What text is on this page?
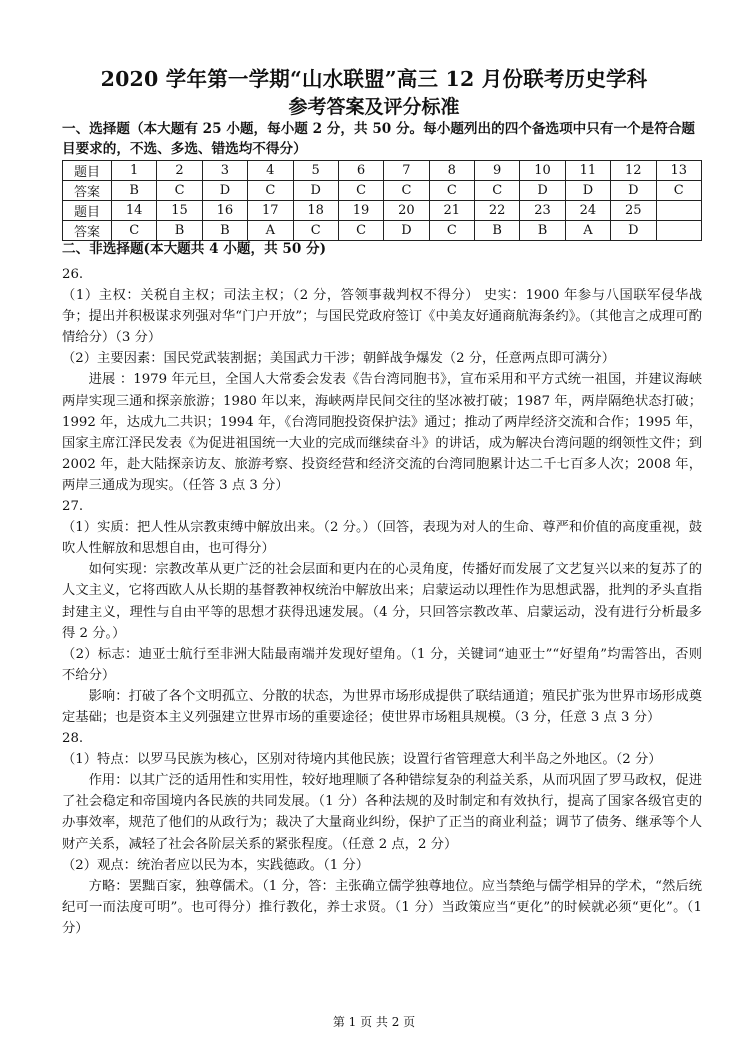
2020 学年第一学期“山水联盟”高三 12 月份联考历史学科
参考答案及评分标准
一、选择题（本大题有 25 小题，每小题 2 分，共 50 分。每小题列出的四个备选项中只有一个是符合题目要求的，不选、多选、错选均不得分）
题目	1	2	3	4	5	6	7	8	9	10	11	12	13
答案	B	C	D	C	D	C	C	C	C	D	D	D	C
题目	14	15	16	17	18	19	20	21	22	23	24	25	
答案	C	B	B	A	C	C	D	C	B	B	A	D	
二、非选择题(本大题共 4 小题，共 50 分)

26.

（1）主权：关税自主权；司法主权；（2 分，答领事裁判权不得分） 史实：1900 年参与八国联军侵华战争；提出并积极谋求列强对华“门户开放”；与国民党政府签订《中美友好通商航海条约》。（其他言之成理可酌情给分）（3 分）

（2）主要因素：国民党武装割据；美国武力干涉；朝鲜战争爆发（2 分，任意两点即可满分）

进展 ：1979 年元旦，全国人大常委会发表《告台湾同胞书》，宣布采用和平方式统一祖国，并建议海峡两岸实现三通和探亲旅游；1980 年以来，海峡两岸民间交往的坚冰被打破；1987 年，两岸隔绝状态打破；1992 年，达成九二共识；1994 年，《台湾同胞投资保护法》通过；推动了两岸经济交流和合作；1995 年，国家主席江泽民发表《为促进祖国统一大业的完成而继续奋斗》的讲话，成为解决台湾问题的纲领性文件；到 2002 年，赴大陆探亲访友、旅游考察、投资经营和经济交流的台湾同胞累计达二千七百多人次；2008 年，两岸三通成为现实。（任答 3 点 3 分）

27.

（1）实质：把人性从宗教束缚中解放出来。（2 分。）（回答，表现为对人的生命、尊严和价值的高度重视，鼓吹人性解放和思想自由，也可得分）

如何实现：宗教改革从更广泛的社会层面和更内在的心灵角度，传播好而发展了文艺复兴以来的复苏了的人文主义，它将西欧人从长期的基督教神权统治中解放出来；启蒙运动以理性作为思想武器，批判的矛头直指封建主义，理性与自由平等的思想才获得迅速发展。（4 分，只回答宗教改革、启蒙运动，没有进行分析最多得 2 分。）

（2）标志：迪亚士航行至非洲大陆最南端并发现好望角。（1 分，关键词“迪亚士”“好望角”均需答出，否则不给分）

影响：打破了各个文明孤立、分散的状态，为世界市场形成提供了联结通道；殖民扩张为世界市场形成奠定基础；也是资本主义列强建立世界市场的重要途径；使世界市场粗具规模。（3 分，任意 3 点 3 分）

28.

（1）特点：以罗马民族为核心，区别对待境内其他民族；设置行省管理意大利半岛之外地区。（2 分）

作用：以其广泛的适用性和实用性，较好地理顺了各种错综复杂的利益关系，从而巩固了罗马政权，促进了社会稳定和帝国境内各民族的共同发展。（1 分）各种法规的及时制定和有效执行，提高了国家各级官吏的办事效率，规范了他们的从政行为；裁决了大量商业纠纷，保护了正当的商业利益；调节了债务、继承等个人财产关系，减轻了社会各阶层关系的紧张程度。（任意 2 点，2 分）

（2）观点：统治者应以民为本，实践德政。（1 分）

方略：罢黜百家，独尊儒术。（1 分，答：主张确立儒学独尊地位。应当禁绝与儒学相异的学术，“然后统纪可一而法度可明”。也可得分）推行教化，养士求贤。（1 分）当政策应当“更化”的时候就必须“更化”。（1 分）

第 1 页 共 2 页
